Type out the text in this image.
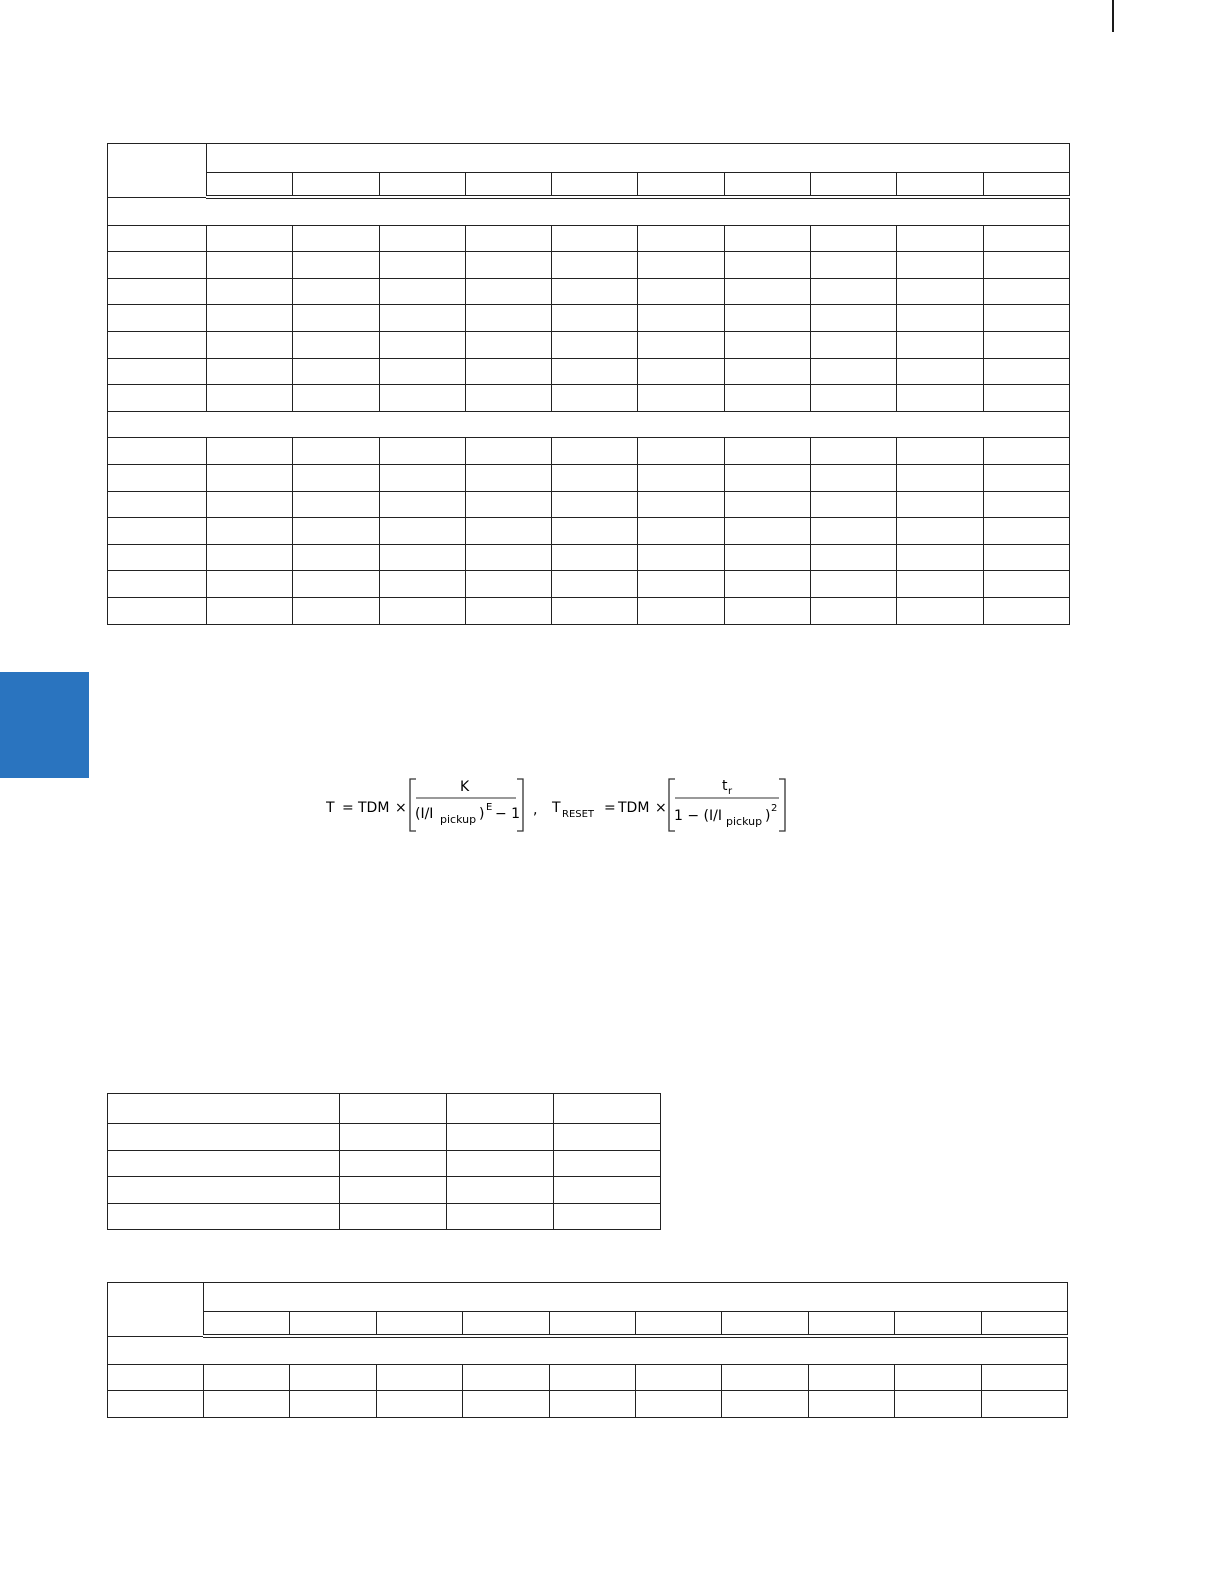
T = TDM ×
K
(I/I pickup ) E − 1 , T RESET = TDM ×
t r
1 − (I/I pickup ) 2
